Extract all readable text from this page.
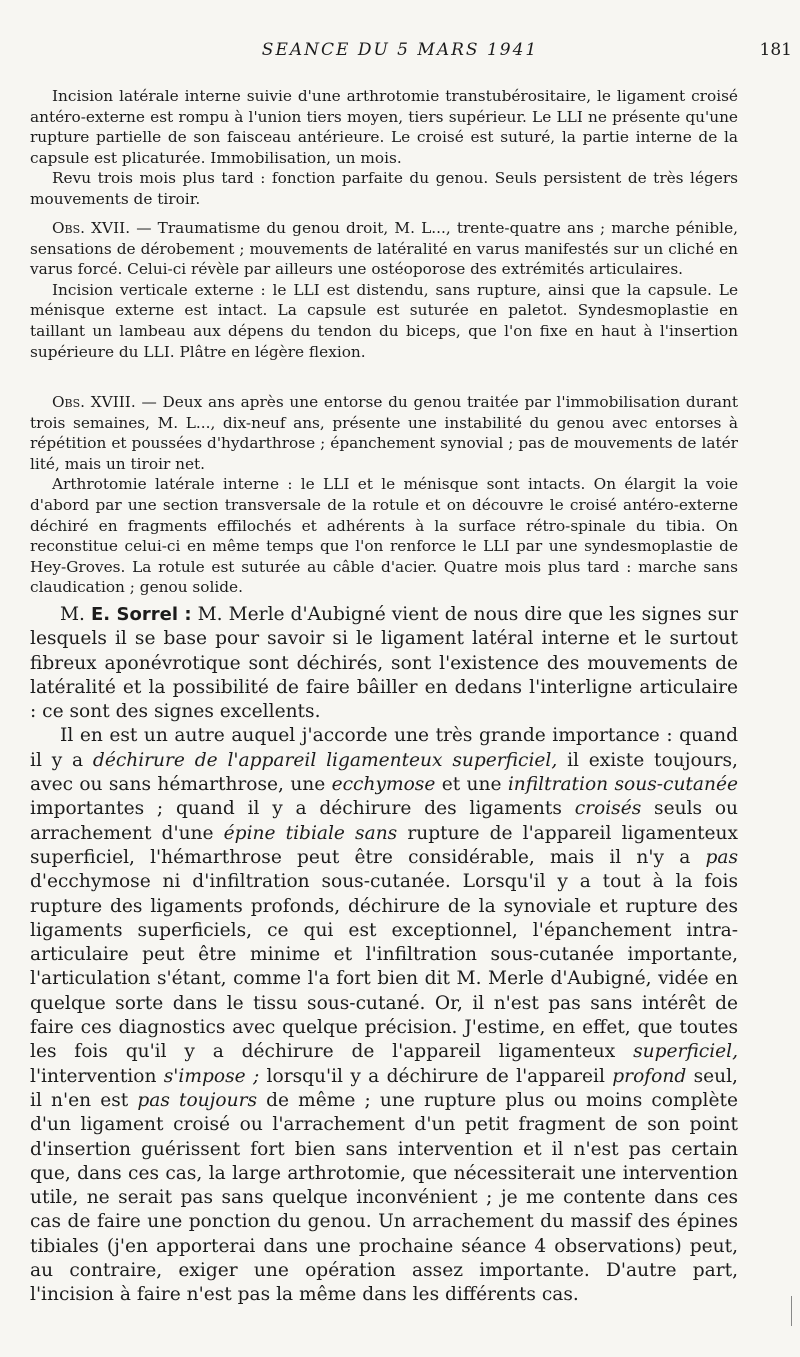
SEANCE DU 5 MARS 1941	181

Incision latérale interne suivie d'une arthrotomie transtubérositaire, le ligament croisé antéro-externe est rompu à l'union tiers moyen, tiers supérieur. Le LLI ne présente qu'une rupture partielle de son faisceau antérieure. Le croisé est suturé, la partie interne de la capsule est plicaturée. Immobilisation, un mois.

Revu trois mois plus tard : fonction parfaite du genou. Seuls persistent de très légers mouvements de tiroir.

Obs. XVII. — Traumatisme du genou droit, M. L..., trente-quatre ans ; marche pénible, sensations de dérobement ; mouvements de latéralité en varus manifestés sur un cliché en varus forcé. Celui-ci révèle par ailleurs une ostéoporose des extrémités articulaires.

Incision verticale externe : le LLI est distendu, sans rupture, ainsi que la capsule. Le ménisque externe est intact. La capsule est suturée en paletot. Syndesmoplastie en taillant un lambeau aux dépens du tendon du biceps, que l'on fixe en haut à l'insertion supérieure du LLI. Plâtre en légère flexion.

Obs. XVIII. — Deux ans après une entorse du genou traitée par l'immobilisation durant trois semaines, M. L..., dix-neuf ans, présente une instabilité du genou avec entorses à répétition et poussées d'hydarthrose ; épanchement synovial ; pas de mouvements de latér lité, mais un tiroir net.

Arthrotomie latérale interne : le LLI et le ménisque sont intacts. On élargit la voie d'abord par une section transversale de la rotule et on découvre le croisé antéro-externe déchiré en fragments effilochés et adhérents à la surface rétro-spinale du tibia. On reconstitue celui-ci en même temps que l'on renforce le LLI par une syndesmoplastie de Hey-Groves. La rotule est suturée au câble d'acier. Quatre mois plus tard : marche sans claudication ; genou solide.

M. E. Sorrel : M. Merle d'Aubigné vient de nous dire que les signes sur lesquels il se base pour savoir si le ligament latéral interne et le surtout fibreux aponévrotique sont déchirés, sont l'existence des mouvements de latéralité et la possibilité de faire bâiller en dedans l'interligne articulaire : ce sont des signes excellents.

Il en est un autre auquel j'accorde une très grande importance : quand il y a déchirure de l'appareil ligamenteux superficiel, il existe toujours, avec ou sans hémarthrose, une ecchymose et une infiltration sous-cutanée importantes ; quand il y a déchirure des ligaments croisés seuls ou arrachement d'une épine tibiale sans rupture de l'appareil ligamenteux superficiel, l'hémarthrose peut être considérable, mais il n'y a pas d'ecchymose ni d'infiltration sous-cutanée. Lorsqu'il y a tout à la fois rupture des ligaments profonds, déchirure de la synoviale et rupture des ligaments superficiels, ce qui est exceptionnel, l'épanchement intra-articulaire peut être minime et l'infiltration sous-cutanée importante, l'articulation s'étant, comme l'a fort bien dit M. Merle d'Aubigné, vidée en quelque sorte dans le tissu sous-cutané. Or, il n'est pas sans intérêt de faire ces diagnostics avec quelque précision. J'estime, en effet, que toutes les fois qu'il y a déchirure de l'appareil ligamenteux superficiel, l'intervention s'impose ; lorsqu'il y a déchirure de l'appareil profond seul, il n'en est pas toujours de même ; une rupture plus ou moins complète d'un ligament croisé ou l'arrachement d'un petit fragment de son point d'insertion guérissent fort bien sans intervention et il n'est pas certain que, dans ces cas, la large arthrotomie, que nécessiterait une intervention utile, ne serait pas sans quelque inconvénient ; je me contente dans ces cas de faire une ponction du genou. Un arrachement du massif des épines tibiales (j'en apporterai dans une prochaine séance 4 observations) peut, au contraire, exiger une opération assez importante. D'autre part, l'incision à faire n'est pas la même dans les différents cas.
